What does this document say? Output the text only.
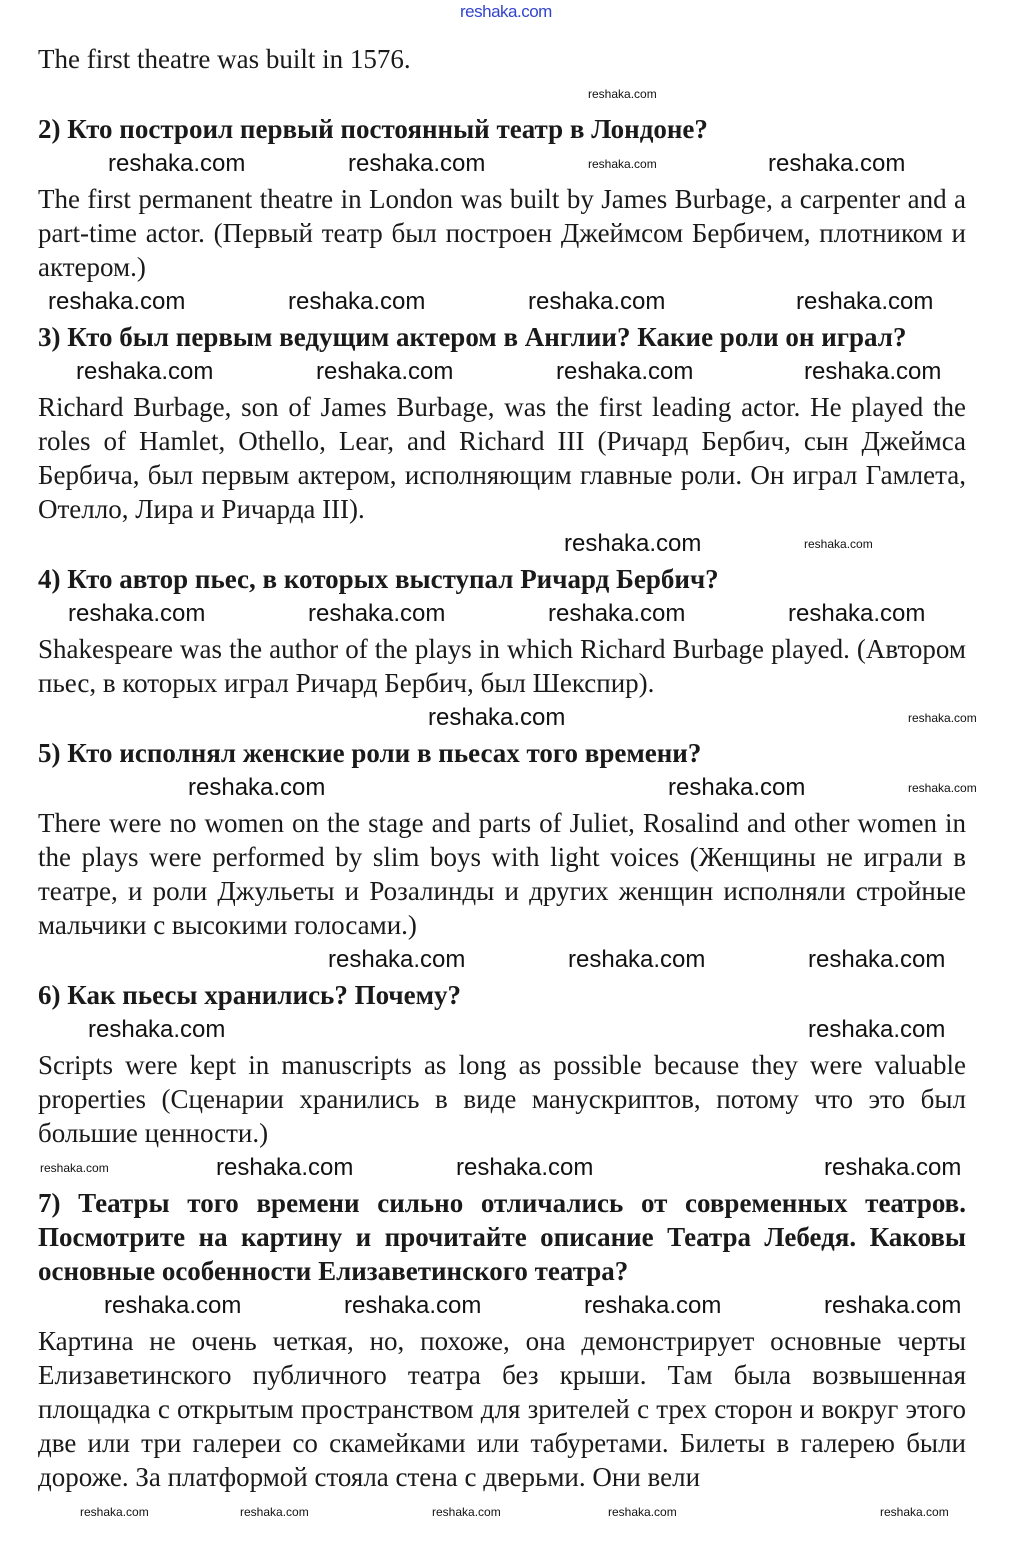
reshaka.com

The first theatre was built in 1576.

reshaka.com

2) Кто построил первый постоянный театр в Лондоне?

reshaka.com	reshaka.com	reshaka.com	reshaka.com

The first permanent theatre in London was built by James Burbage, a carpenter and a part-time actor. (Первый театр был построен Джеймсом Бербичем, плотником и актером.)

reshaka.com	reshaka.com	reshaka.com	reshaka.com

3) Кто был первым ведущим актером в Англии? Какие роли он играл?

reshaka.com	reshaka.com	reshaka.com	reshaka.com

Richard Burbage, son of James Burbage, was the first leading actor. He played the roles of Hamlet, Othello, Lear, and Richard III (Ричард Бербич, сын Джеймса Бербича, был первым актером, исполняющим главные роли. Он играл Гамлета, Отелло, Лира и Ричарда III).

reshaka.com	reshaka.com

4) Кто автор пьес, в которых выступал Ричард Бербич?

reshaka.com	reshaka.com	reshaka.com	reshaka.com

Shakespeare was the author of the plays in which Richard Burbage played. (Автором пьес, в которых играл Ричард Бербич, был Шекспир).

reshaka.com	reshaka.com

5) Кто исполнял женские роли в пьесах того времени?

reshaka.com	reshaka.com	reshaka.com

There were no women on the stage and parts of Juliet, Rosalind and other women in the plays were performed by slim boys with light voices (Женщины не играли в театре, и роли Джульеты и Розалинды и других женщин исполняли стройные мальчики с высокими голосами.)

reshaka.com	reshaka.com	reshaka.com

6) Как пьесы хранились? Почему?

reshaka.com	reshaka.com

Scripts were kept in manuscripts as long as possible because they were valuable properties (Сценарии хранились в виде манускриптов, потому что это был большие ценности.)

reshaka.com	reshaka.com	reshaka.com	reshaka.com

7) Театры того времени сильно отличались от современных театров. Посмотрите на картину и прочитайте описание Театра Лебедя. Каковы основные особенности Елизаветинского театра?

reshaka.com	reshaka.com	reshaka.com	reshaka.com

Картина не очень четкая, но, похоже, она демонстрирует основные черты Елизаветинского публичного театра без крыши. Там была возвышенная площадка с открытым пространством для зрителей с трех сторон и вокруг этого две или три галереи со скамейками или табуретами. Билеты в галерею были дороже. За платформой стояла стена с дверьми. Они вели

reshaka.com	reshaka.com	reshaka.com	reshaka.com	reshaka.com
